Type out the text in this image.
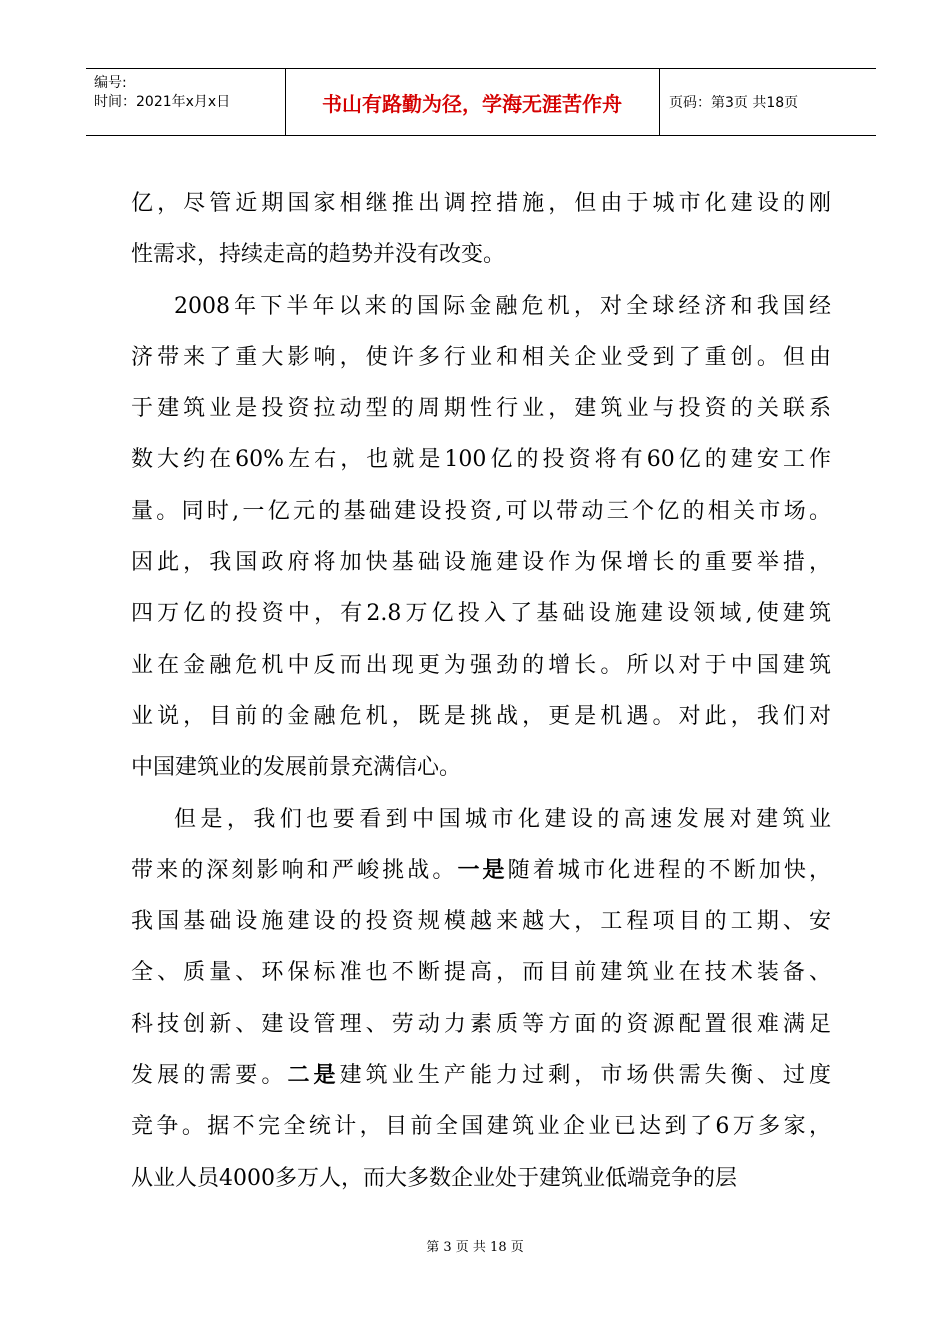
编号:
时间：2021年x月x日	书山有路勤为径，学海无涯苦作舟	页码：第3页 共18页
亿，尽管近期国家相继推出调控措施，但由于城市化建设的刚
性需求，持续走高的趋势并没有改变。
2008年下半年以来的国际金融危机，对全球经济和我国经
济带来了重大影响，使许多行业和相关企业受到了重创。但由
于建筑业是投资拉动型的周期性行业，建筑业与投资的关联系
数大约在60%左右，也就是100亿的投资将有60亿的建安工作
量。同时,一亿元的基础建设投资,可以带动三个亿的相关市场。
因此，我国政府将加快基础设施建设作为保增长的重要举措，
四万亿的投资中，有2.8万亿投入了基础设施建设领域,使建筑
业在金融危机中反而出现更为强劲的增长。所以对于中国建筑
业说，目前的金融危机，既是挑战，更是机遇。对此，我们对
中国建筑业的发展前景充满信心。
但是，我们也要看到中国城市化建设的高速发展对建筑业
带来的深刻影响和严峻挑战。一是随着城市化进程的不断加快，
我国基础设施建设的投资规模越来越大，工程项目的工期、安
全、质量、环保标准也不断提高，而目前建筑业在技术装备、
科技创新、建设管理、劳动力素质等方面的资源配置很难满足
发展的需要。二是建筑业生产能力过剩，市场供需失衡、过度
竞争。据不完全统计，目前全国建筑业企业已达到了6万多家，
从业人员4000多万人，而大多数企业处于建筑业低端竞争的层
第 3 页 共 18 页
